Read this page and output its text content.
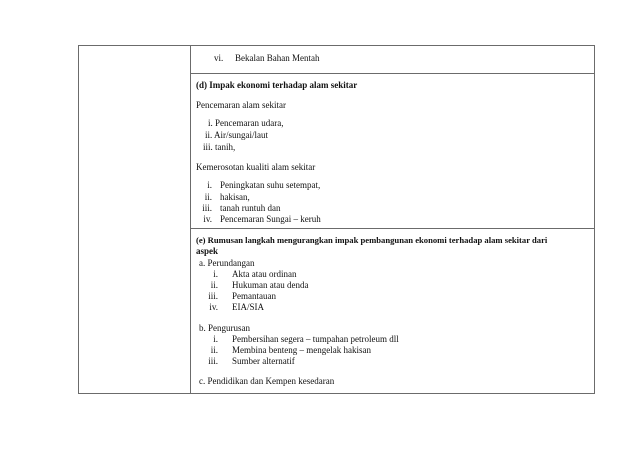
vi. Bekalan Bahan Mentah
(d) Impak ekonomi terhadap alam sekitar
Pencemaran alam sekitar
i. Pencemaran udara,
ii. Air/sungai/laut
iii. tanih,
Kemerosotan kualiti alam sekitar
i. Peningkatan suhu setempat,
ii. hakisan,
iii. tanah runtuh dan
iv. Pencemaran Sungai – keruh
(e) Rumusan langkah mengurangkan impak pembangunan ekonomi terhadap alam sekitar dari
aspek
a. Perundangan
i. Akta atau ordinan
ii. Hukuman atau denda
iii. Pemantauan
iv. EIA/SIA
b. Pengurusan
i. Pembersihan segera – tumpahan petroleum dll
ii. Membina benteng – mengelak hakisan
iii. Sumber alternatif
c. Pendidikan dan Kempen kesedaran
